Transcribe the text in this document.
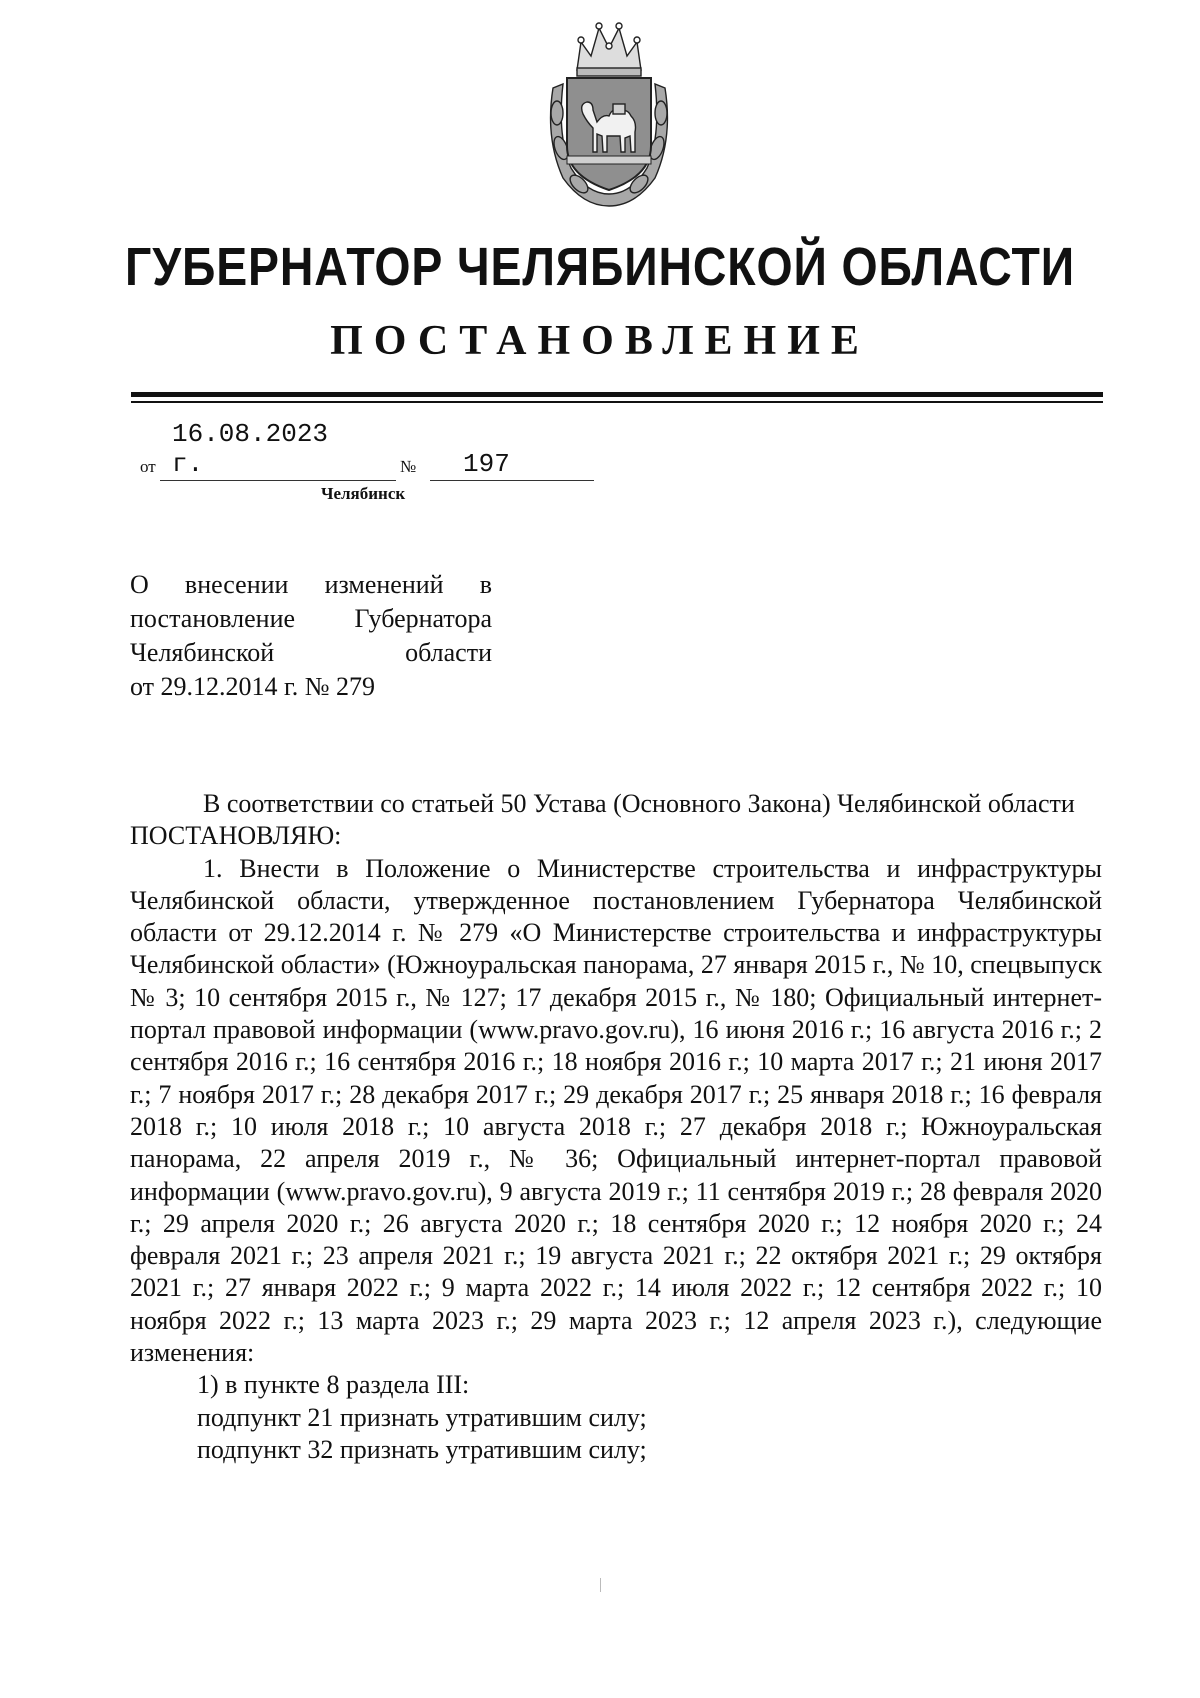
ГУБЕРНАТОР ЧЕЛЯБИНСКОЙ ОБЛАСТИ
ПОСТАНОВЛЕНИЕ
от
16.08.2023 г.	№ 197
Челябинск
О внесении изменений в
постановление Губернатора
Челябинской области
от 29.12.2014 г. № 279

В соответствии со статьей 50 Устава (Основного Закона) Челябинской области

ПОСТАНОВЛЯЮ:

1. Внести в Положение о Министерстве строительства и инфраструктуры Челябинской области, утвержденное постановлением Губернатора Челябинской области от 29.12.2014 г. № 279 «О Министерстве строительства и инфраструктуры Челябинской области» (Южноуральская панорама, 27 января 2015 г., № 10, спецвыпуск № 3; 10 сентября 2015 г., № 127; 17 декабря 2015 г., № 180; Официальный интернет-портал правовой информации (www.pravo.gov.ru), 16 июня 2016 г.; 16 августа 2016 г.; 2 сентября 2016 г.; 16 сентября 2016 г.; 18 ноября 2016 г.; 10 марта 2017 г.; 21 июня 2017 г.; 7 ноября 2017 г.; 28 декабря 2017 г.; 29 декабря 2017 г.; 25 января 2018 г.; 16 февраля 2018 г.; 10 июля 2018 г.; 10 августа 2018 г.; 27 декабря 2018 г.; Южноуральская панорама, 22 апреля 2019 г., № 36; Официальный интернет-портал правовой информации (www.pravo.gov.ru), 9 августа 2019 г.; 11 сентября 2019 г.; 28 февраля 2020 г.; 29 апреля 2020 г.; 26 августа 2020 г.; 18 сентября 2020 г.; 12 ноября 2020 г.; 24 февраля 2021 г.; 23 апреля 2021 г.; 19 августа 2021 г.; 22 октября 2021 г.; 29 октября 2021 г.; 27 января 2022 г.; 9 марта 2022 г.; 14 июля 2022 г.; 12 сентября 2022 г.; 10 ноября 2022 г.; 13 марта 2023 г.; 29 марта 2023 г.; 12 апреля 2023 г.), следующие изменения:

1) в пункте 8 раздела III:

подпункт 21 признать утратившим силу;

подпункт 32 признать утратившим силу;
